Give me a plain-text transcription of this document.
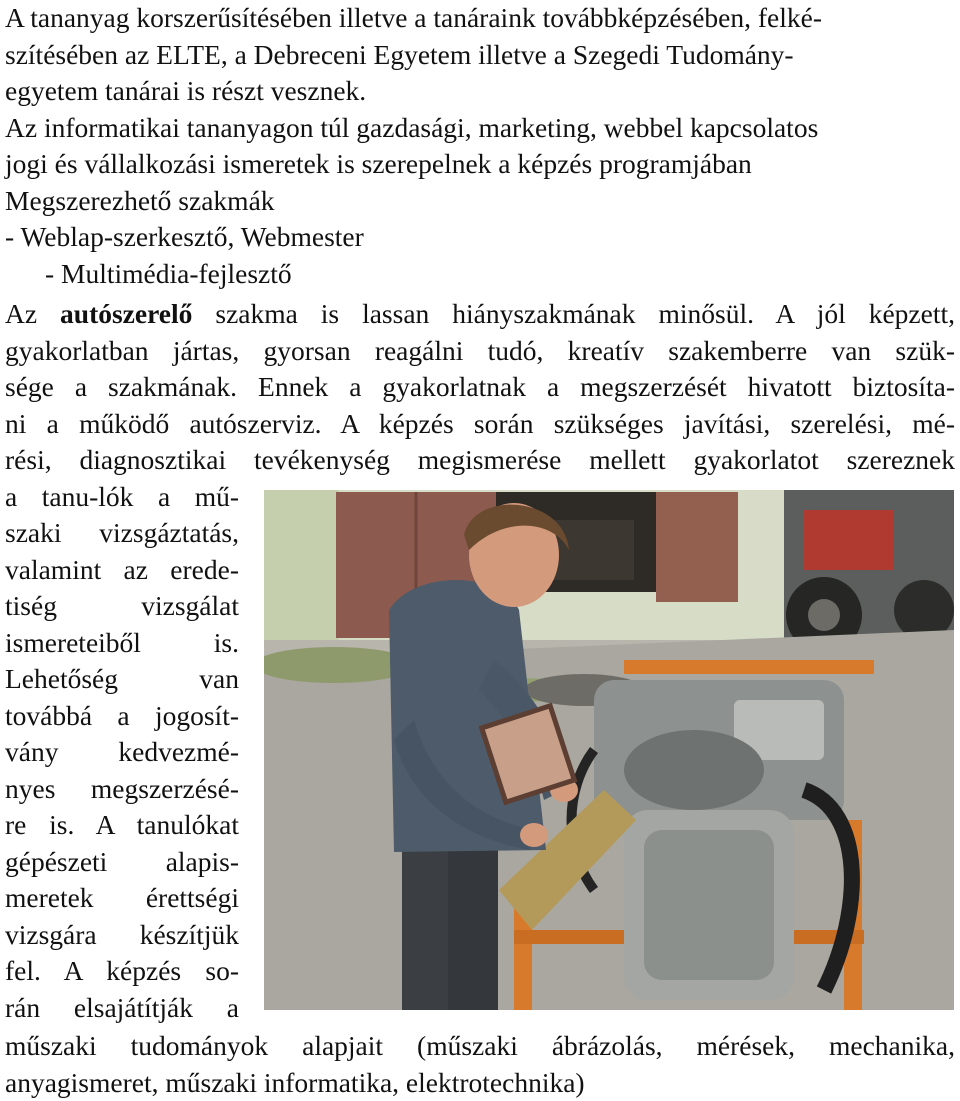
A tananyag korszerűsítésében illetve a tanáraink továbbképzésében, felké-
szítésében az ELTE, a Debreceni Egyetem illetve a Szegedi Tudomány-
egyetem tanárai is részt vesznek.
Az informatikai tananyagon túl gazdasági, marketing, webbel kapcsolatos
jogi és vállalkozási ismeretek is szerepelnek a képzés programjában
Megszerezhető szakmák
- Weblap-szerkesztő, Webmester
- Multimédia-fejlesztő
Az autószerelő szakma is lassan hiányszakmának minősül. A jól képzett,
gyakorlatban jártas, gyorsan reagálni tudó, kreatív szakemberre van szük-
sége a szakmának. Ennek a gyakorlatnak a megszerzését hivatott biztosíta-
ni a működő autószerviz. A képzés során szükséges javítási, szerelési, mé-
rési, diagnosztikai tevékenység megismerése mellett gyakorlatot szereznek
a tanu-lók a mű-
szaki vizsgáztatás,
valamint az erede-
tiség vizsgálat
ismereteiből is.
Lehetőség van
továbbá a jogosít-
vány kedvezmé-
nyes megszerzésé-
re is. A tanulókat
gépészeti alapis-
meretek érettségi
vizsgára készítjük
fel. A képzés so-
rán elsajátítják a
műszaki tudományok alapjait (műszaki ábrázolás, mérések, mechanika,
anyagismeret, műszaki informatika, elektrotechnika)
